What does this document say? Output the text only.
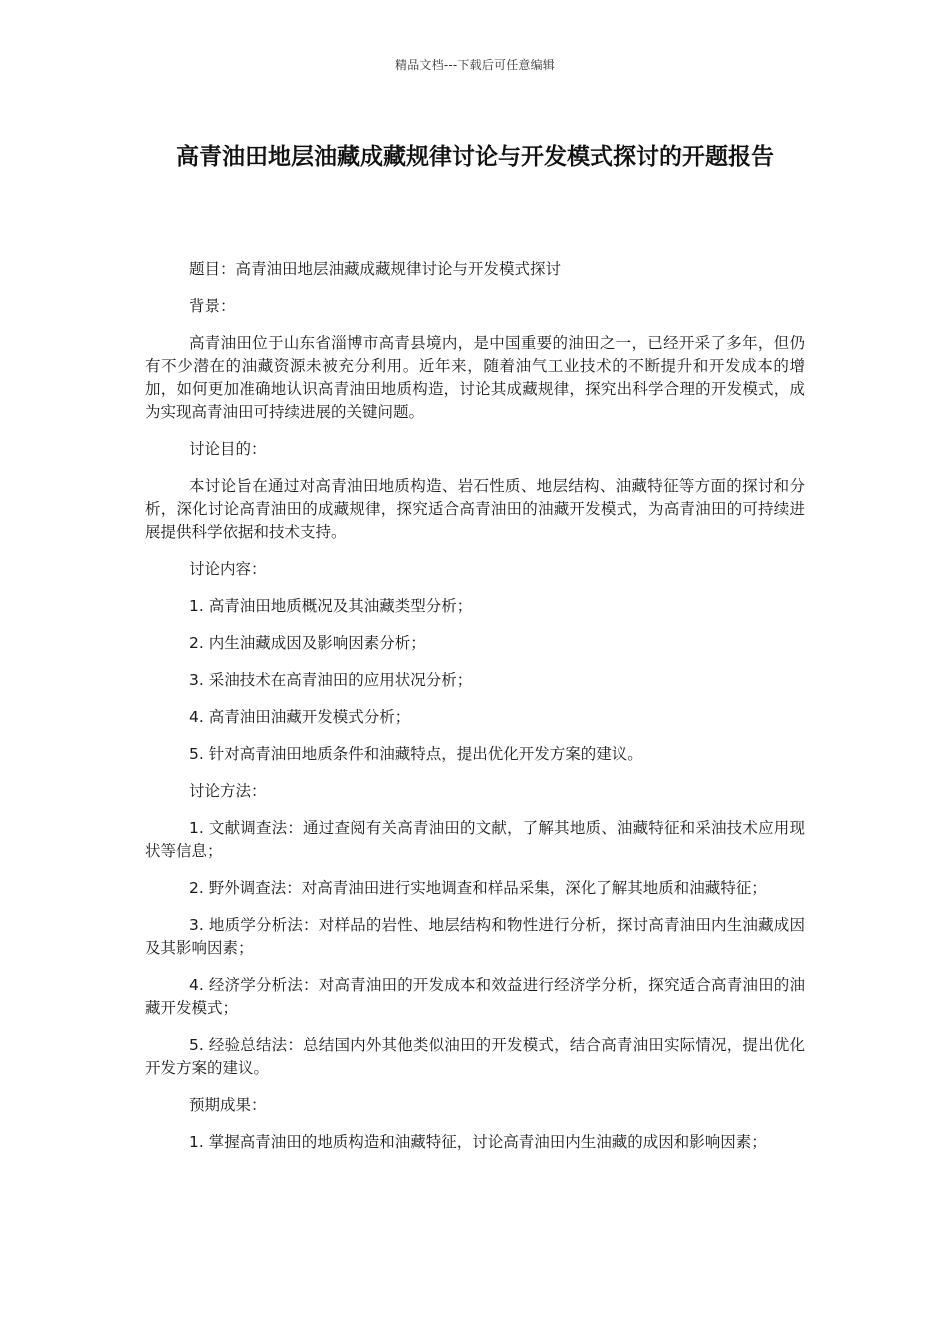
精品文档---下载后可任意编辑
高青油田地层油藏成藏规律讨论与开发模式探讨的开题报告

题目：高青油田地层油藏成藏规律讨论与开发模式探讨

背景：

高青油田位于山东省淄博市高青县境内，是中国重要的油田之一，已经开采了多年，但仍有不少潜在的油藏资源未被充分利用。近年来，随着油气工业技术的不断提升和开发成本的增加，如何更加准确地认识高青油田地质构造，讨论其成藏规律，探究出科学合理的开发模式，成为实现高青油田可持续进展的关键问题。

讨论目的：

本讨论旨在通过对高青油田地质构造、岩石性质、地层结构、油藏特征等方面的探讨和分析，深化讨论高青油田的成藏规律，探究适合高青油田的油藏开发模式，为高青油田的可持续进展提供科学依据和技术支持。

讨论内容：

1. 高青油田地质概况及其油藏类型分析；

2. 内生油藏成因及影响因素分析；

3. 采油技术在高青油田的应用状况分析；

4. 高青油田油藏开发模式分析；

5. 针对高青油田地质条件和油藏特点，提出优化开发方案的建议。

讨论方法：

1. 文献调查法：通过查阅有关高青油田的文献，了解其地质、油藏特征和采油技术应用现状等信息；

2. 野外调查法：对高青油田进行实地调查和样品采集，深化了解其地质和油藏特征；

3. 地质学分析法：对样品的岩性、地层结构和物性进行分析，探讨高青油田内生油藏成因及其影响因素；

4. 经济学分析法：对高青油田的开发成本和效益进行经济学分析，探究适合高青油田的油藏开发模式；

5. 经验总结法：总结国内外其他类似油田的开发模式，结合高青油田实际情况，提出优化开发方案的建议。

预期成果：

1. 掌握高青油田的地质构造和油藏特征，讨论高青油田内生油藏的成因和影响因素；
